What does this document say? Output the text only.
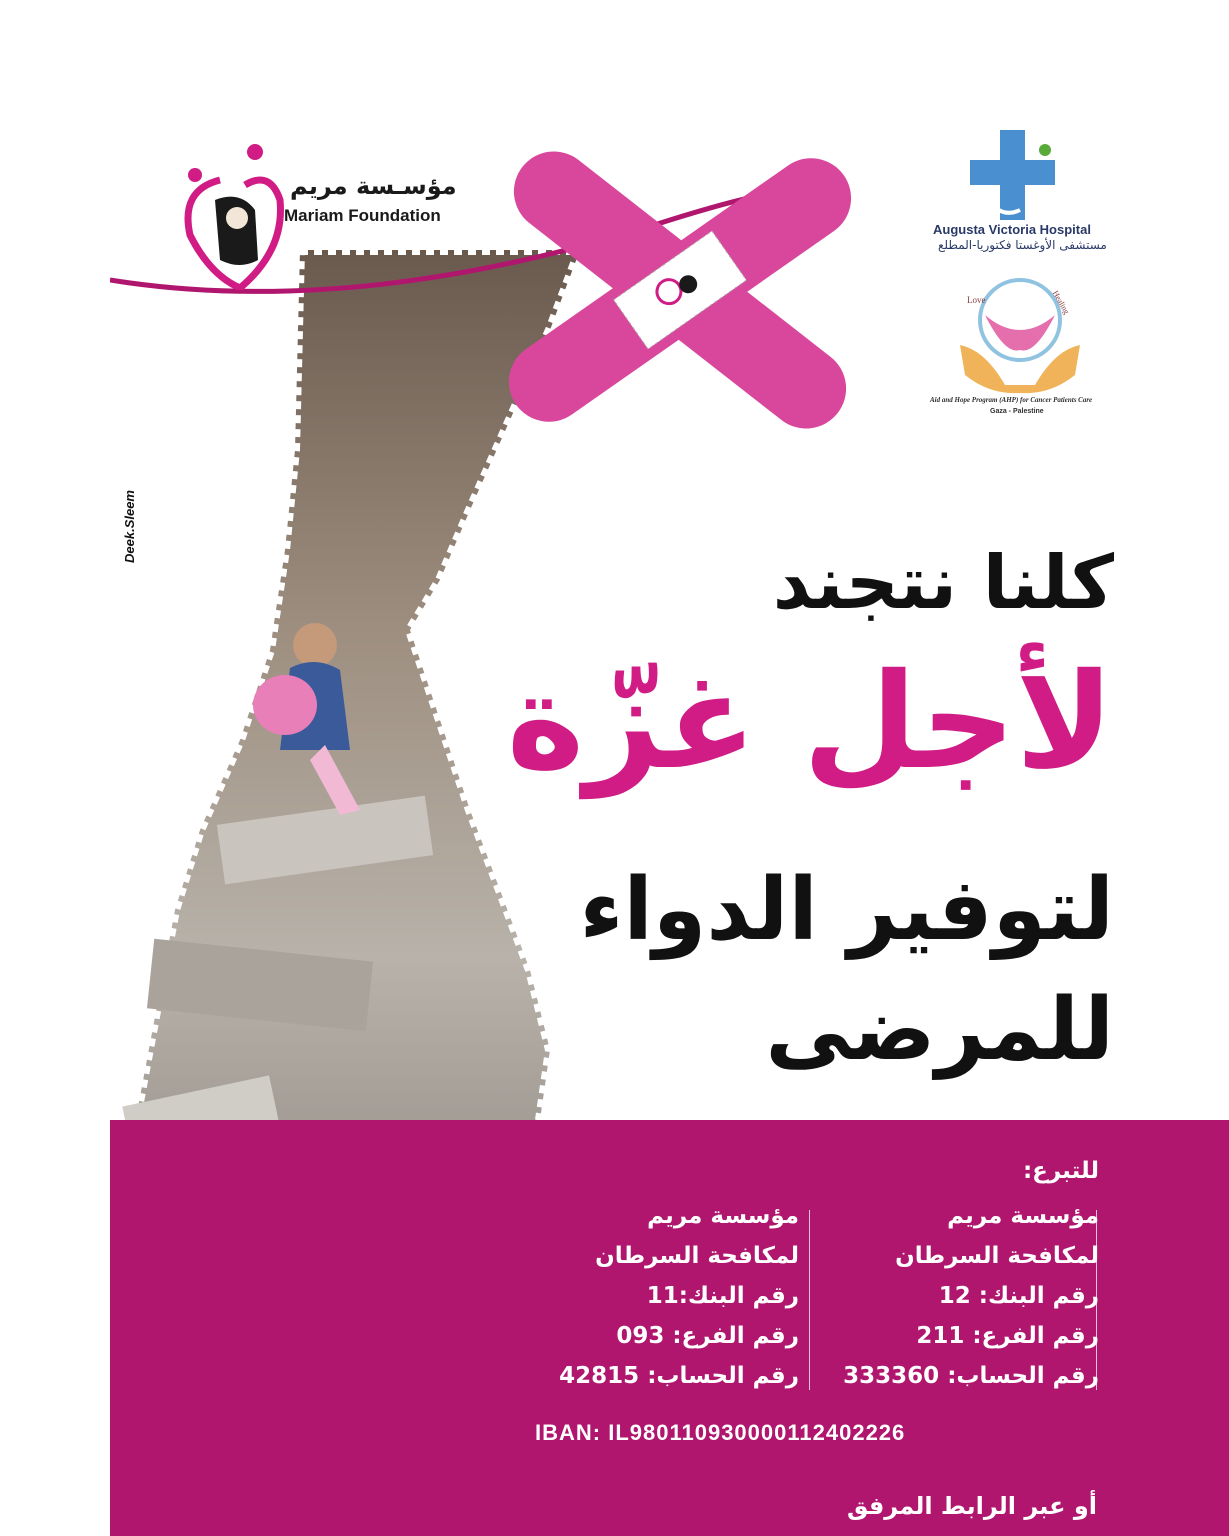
مؤسـسة مريم
Mariam Foundation
Augusta Victoria Hospital
مستشفى الأوغستا فكتوريا-المطلع
Love	Healing
Aid and Hope Program (AHP) for Cancer Patients Care
Gaza - Palestine
Deek.Sleem
كلنا نتجند
لأجل غزّة
لتوفير الدواء
للمرضى
للتبرع:
مؤسسة مريم
لمكافحة السرطان
رقم البنك: 12
رقم الفرع: 211
رقم الحساب: 333360
مؤسسة مريم
لمكافحة السرطان
رقم البنك:11
رقم الفرع: 093
رقم الحساب: 42815
IBAN: IL980110930000112402226
أو عبر الرابط المرفق
